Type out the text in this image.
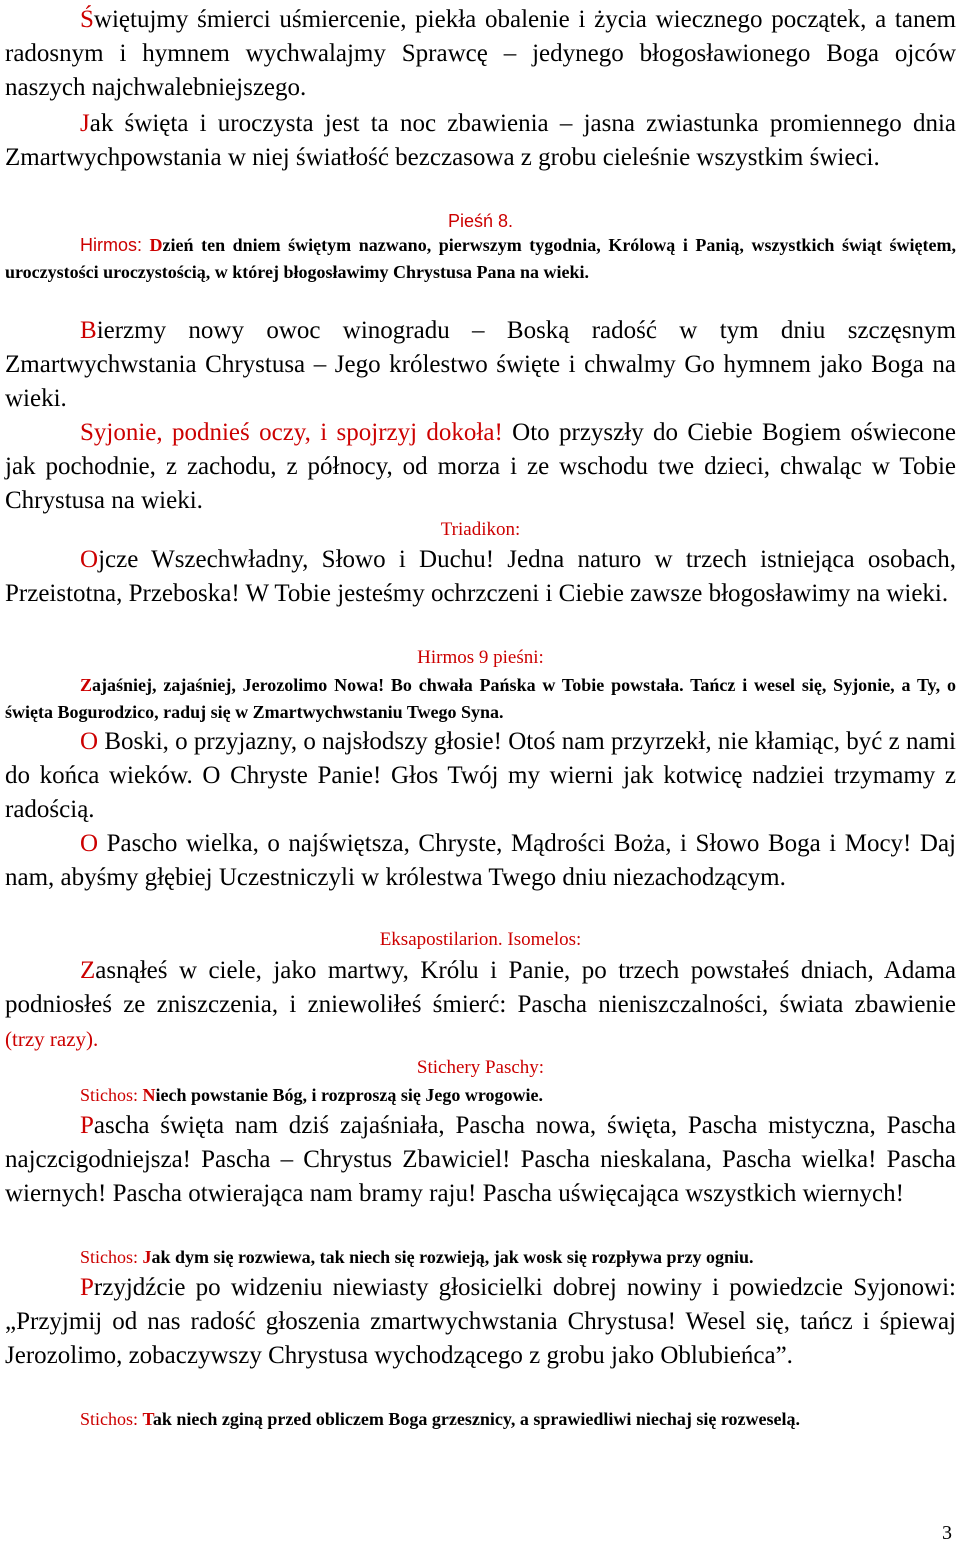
Świętujmy śmierci uśmiercenie, piekła obalenie i życia wiecznego początek, a tanem radosnym i hymnem wychwalajmy Sprawcę – jedynego błogosławionego Boga ojców naszych najchwalebniejszego.

Jak święta i uroczysta jest ta noc zbawienia – jasna zwiastunka promiennego dnia Zmartwychpowstania w niej światłość bezczasowa z grobu cieleśnie wszystkim świeci.

Pieśń 8.

Hirmos: Dzień ten dniem świętym nazwano, pierwszym tygodnia, Królową i Panią, wszystkich świąt świętem, uroczystości uroczystością, w której błogosławimy Chrystusa Pana na wieki.

Bierzmy nowy owoc winogradu – Boską radość w tym dniu szczęsnym Zmartwychwstania Chrystusa – Jego królestwo święte i chwalmy Go hymnem jako Boga na wieki.

Syjonie, podnieś oczy, i spojrzyj dokoła! Oto przyszły do Ciebie Bogiem oświecone jak pochodnie, z zachodu, z północy, od morza i ze wschodu twe dzieci, chwaląc w Tobie Chrystusa na wieki.

Triadikon:

Ojcze Wszechwładny, Słowo i Duchu! Jedna naturo w trzech istniejąca osobach, Przeistotna, Przeboska! W Tobie jesteśmy ochrzczeni i Ciebie zawsze błogosławimy na wieki.

Hirmos 9 pieśni:

Zajaśniej, zajaśniej, Jerozolimo Nowa! Bo chwała Pańska w Tobie powstała. Tańcz i wesel się, Syjonie, a Ty, o święta Bogurodzico, raduj się w Zmartwychwstaniu Twego Syna.

O Boski, o przyjazny, o najsłodszy głosie! Otoś nam przyrzekł, nie kłamiąc, być z nami do końca wieków. O Chryste Panie! Głos Twój my wierni jak kotwicę nadziei trzymamy z radością.

O Pascho wielka, o najświętsza, Chryste, Mądrości Boża, i Słowo Boga i Mocy! Daj nam, abyśmy głębiej Uczestniczyli w królestwa Twego dniu niezachodzącym.

Eksapostilarion. Isomelos:

Zasnąłeś w ciele, jako martwy, Królu i Panie, po trzech powstałeś dniach, Adama podniosłeś ze zniszczenia, i zniewoliłeś śmierć: Pascha nieniszczalności, świata zbawienie (trzy razy).

Stichery Paschy:

Stichos: Niech powstanie Bóg, i rozproszą się Jego wrogowie.

Pascha święta nam dziś zajaśniała, Pascha nowa, święta, Pascha mistyczna, Pascha najczcigodniejsza! Pascha – Chrystus Zbawiciel! Pascha nieskalana, Pascha wielka! Pascha wiernych! Pascha otwierająca nam bramy raju! Pascha uświęcająca wszystkich wiernych!

Stichos: Jak dym się rozwiewa, tak niech się rozwieją, jak wosk się rozpływa przy ogniu.

Przyjdźcie po widzeniu niewiasty głosicielki dobrej nowiny i powiedzcie Syjonowi: „Przyjmij od nas radość głoszenia zmartwychwstania Chrystusa! Wesel się, tańcz i śpiewaj Jerozolimo, zobaczywszy Chrystusa wychodzącego z grobu jako Oblubieńca”.

Stichos: Tak niech zginą przed obliczem Boga grzesznicy, a sprawiedliwi niechaj się rozweselą.

3
